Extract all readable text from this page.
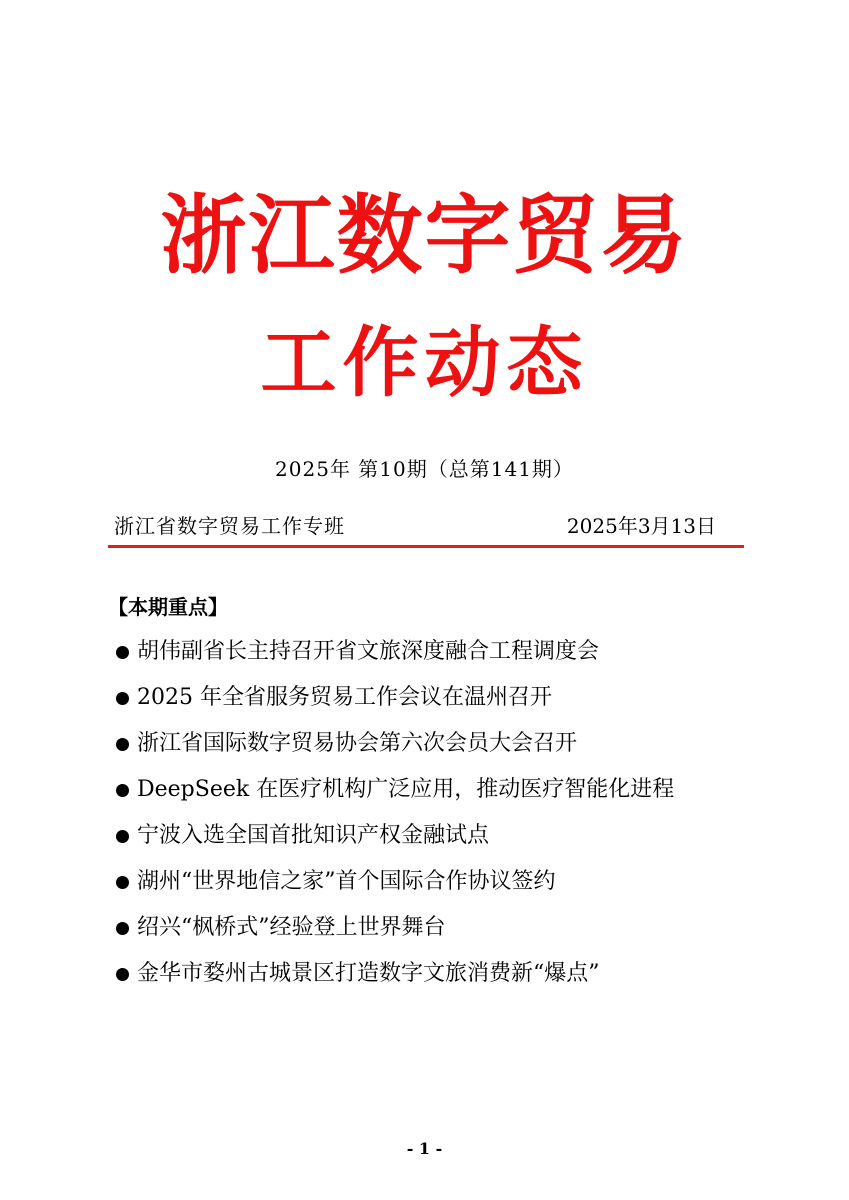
浙江数字贸易
工作动态
2025年 第10期（总第141期）
浙江省数字贸易工作专班	2025年3月13日
【本期重点】
胡伟副省长主持召开省文旅深度融合工程调度会
2025 年全省服务贸易工作会议在温州召开
浙江省国际数字贸易协会第六次会员大会召开
DeepSeek 在医疗机构广泛应用，推动医疗智能化进程
宁波入选全国首批知识产权金融试点
湖州“世界地信之家”首个国际合作协议签约
绍兴“枫桥式”经验登上世界舞台
金华市婺州古城景区打造数字文旅消费新“爆点”
- 1 -
